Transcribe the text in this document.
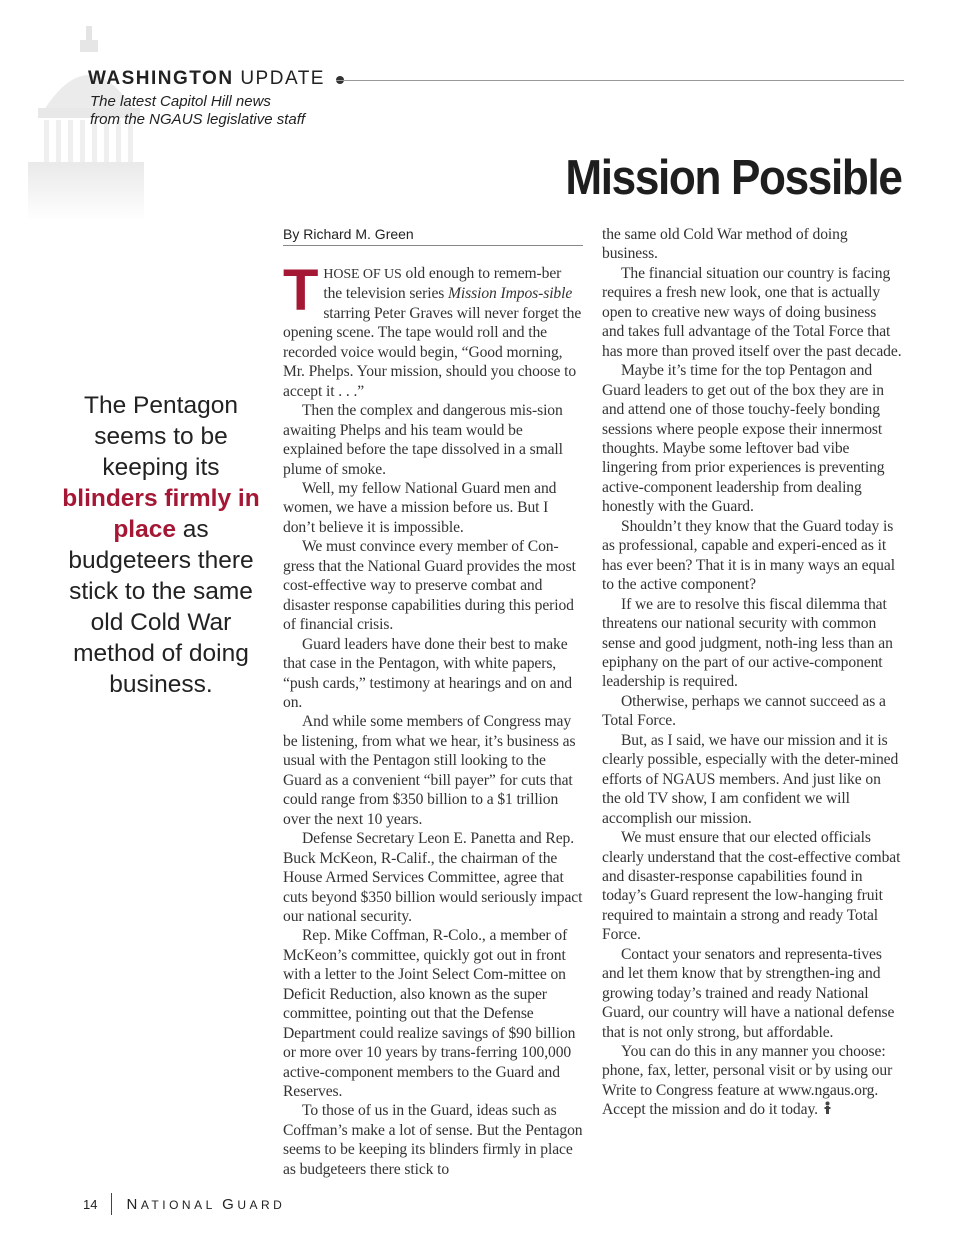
WASHINGTON UPDATE
The latest Capitol Hill news
from the NGAUS legislative staff
Mission Possible
By Richard M. Green
The Pentagon seems to be keeping its blinders firmly in place as budgeteers there stick to the same old Cold War method of doing business.

THOSE OF US old enough to remem-ber the television series Mission Impos-sible starring Peter Graves will never forget the opening scene. The tape would roll and the recorded voice would begin, “Good morning, Mr. Phelps. Your mission, should you choose to accept it . . .”

Then the complex and dangerous mis-sion awaiting Phelps and his team would be explained before the tape dissolved in a small plume of smoke.

Well, my fellow National Guard men and women, we have a mission before us. But I don’t believe it is impossible.

We must convince every member of Con-gress that the National Guard provides the most cost-effective way to preserve combat and disaster response capabilities during this period of financial crisis.

Guard leaders have done their best to make that case in the Pentagon, with white papers, “push cards,” testimony at hearings and on and on.

And while some members of Congress may be listening, from what we hear, it’s business as usual with the Pentagon still looking to the Guard as a convenient “bill payer” for cuts that could range from $350 billion to a $1 trillion over the next 10 years.

Defense Secretary Leon E. Panetta and Rep. Buck McKeon, R-Calif., the chairman of the House Armed Services Committee, agree that cuts beyond $350 billion would seriously impact our national security.

Rep. Mike Coffman, R-Colo., a member of McKeon’s committee, quickly got out in front with a letter to the Joint Select Com-mittee on Deficit Reduction, also known as the super committee, pointing out that the Defense Department could realize savings of $90 billion or more over 10 years by trans-ferring 100,000 active-component members to the Guard and Reserves.

To those of us in the Guard, ideas such as Coffman’s make a lot of sense. But the Pentagon seems to be keeping its blinders firmly in place as budgeteers there stick to

the same old Cold War method of doing business.

The financial situation our country is facing requires a fresh new look, one that is actually open to creative new ways of doing business and takes full advantage of the Total Force that has more than proved itself over the past decade.

Maybe it’s time for the top Pentagon and Guard leaders to get out of the box they are in and attend one of those touchy-feely bonding sessions where people expose their innermost thoughts. Maybe some leftover bad vibe lingering from prior experiences is preventing active-component leadership from dealing honestly with the Guard.

Shouldn’t they know that the Guard today is as professional, capable and experi-enced as it has ever been? That it is in many ways an equal to the active component?

If we are to resolve this fiscal dilemma that threatens our national security with common sense and good judgment, noth-ing less than an epiphany on the part of our active-component leadership is required.

Otherwise, perhaps we cannot succeed as a Total Force.

But, as I said, we have our mission and it is clearly possible, especially with the deter-mined efforts of NGAUS members. And just like on the old TV show, I am confident we will accomplish our mission.

We must ensure that our elected officials clearly understand that the cost-effective combat and disaster-response capabilities found in today’s Guard represent the low-hanging fruit required to maintain a strong and ready Total Force.

Contact your senators and representa-tives and let them know that by strengthen-ing and growing today’s trained and ready National Guard, our country will have a national defense that is not only strong, but affordable.

You can do this in any manner you choose: phone, fax, letter, personal visit or by using our Write to Congress feature at www.ngaus.org. Accept the mission and do it today.

14 NATIONAL GUARD
